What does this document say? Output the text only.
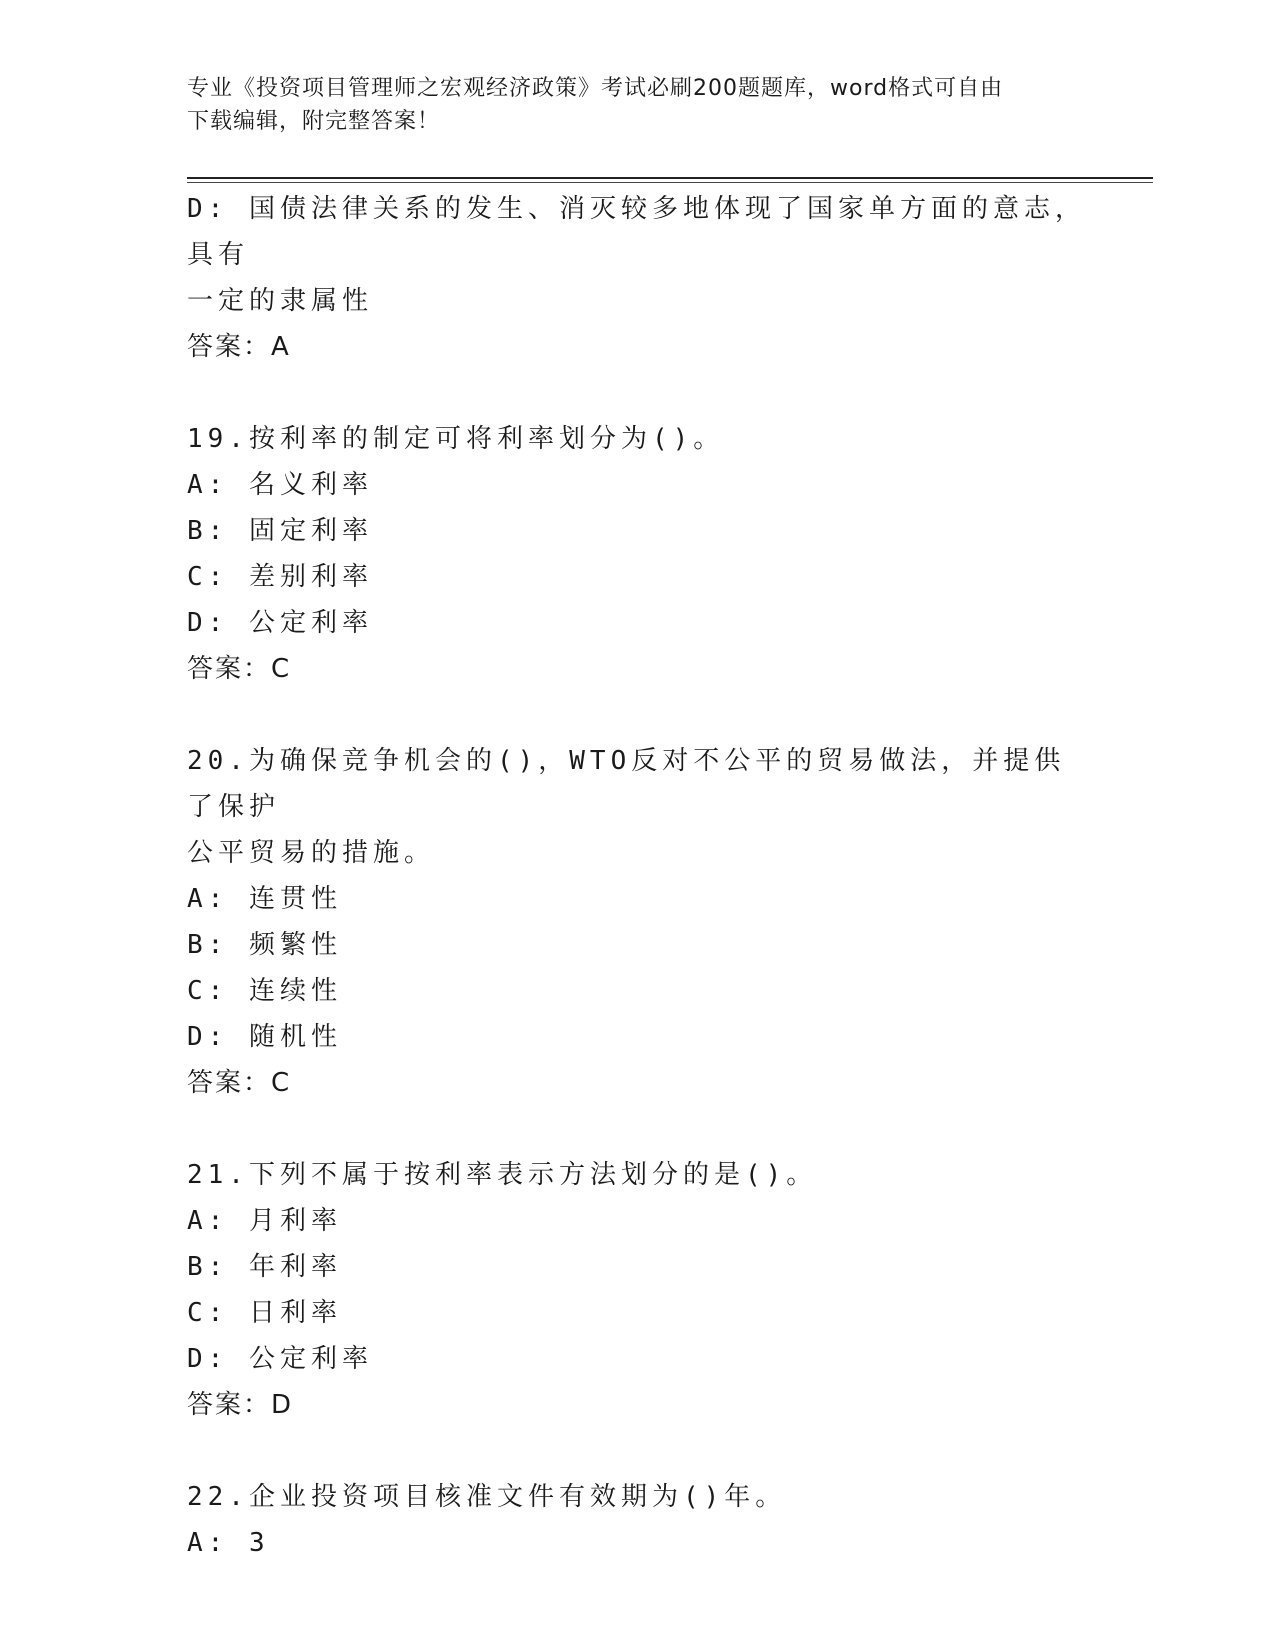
专业《投资项目管理师之宏观经济政策》考试必刷200题题库，word格式可自由
下载编辑，附完整答案！
D: 国债法律关系的发生、消灭较多地体现了国家单方面的意志，具有
一定的隶属性
答案：A
19.按利率的制定可将利率划分为()。
A: 名义利率
B: 固定利率
C: 差别利率
D: 公定利率
答案：C
20.为确保竞争机会的()，WTO反对不公平的贸易做法，并提供了保护
公平贸易的措施。
A: 连贯性
B: 频繁性
C: 连续性
D: 随机性
答案：C
21.下列不属于按利率表示方法划分的是()。
A: 月利率
B: 年利率
C: 日利率
D: 公定利率
答案：D
22.企业投资项目核准文件有效期为()年。
A: 3
